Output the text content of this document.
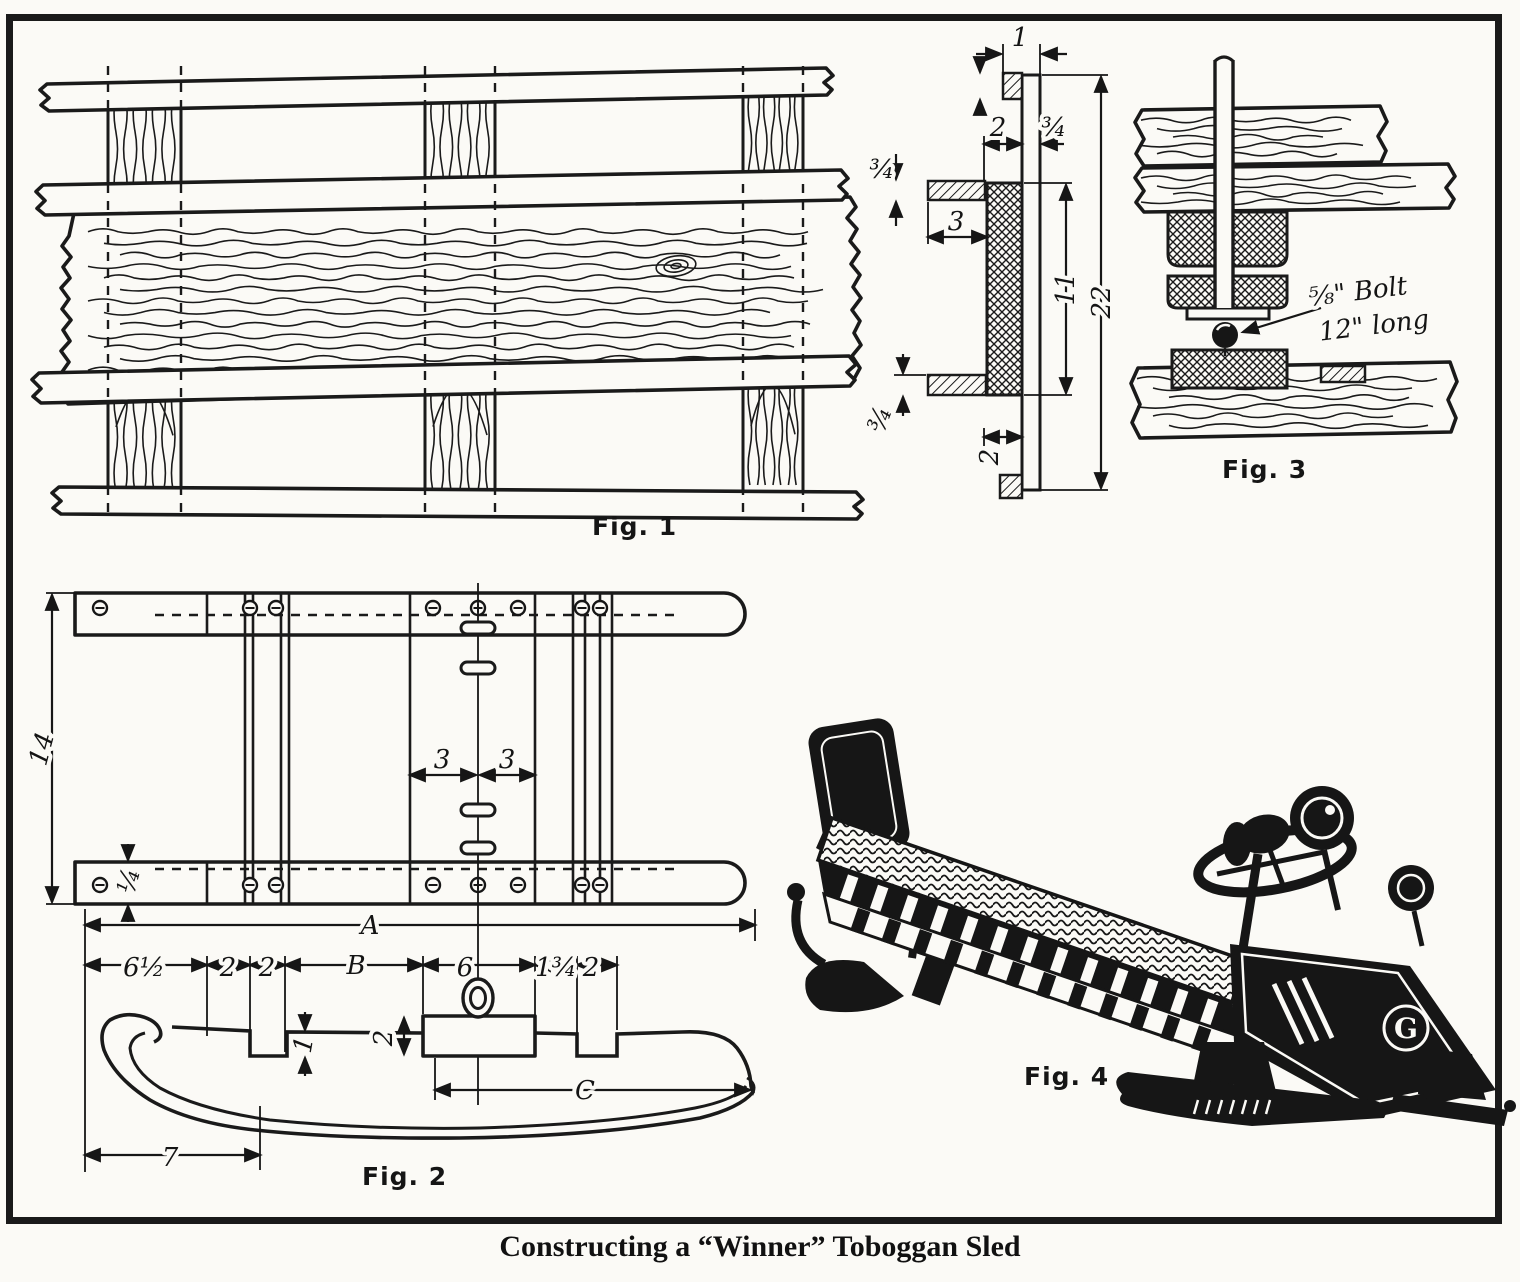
Fig. 1
1
2 ¾
¾
3
11 22
¾
2
⅝" Bolt
12" long
Fig. 3
14	3 3
¼
A
6½ 2 2	B	6 1¾ 2
1 2
C
7
Fig. 2
G
Fig. 4
Constructing a “Winner” Toboggan Sled
